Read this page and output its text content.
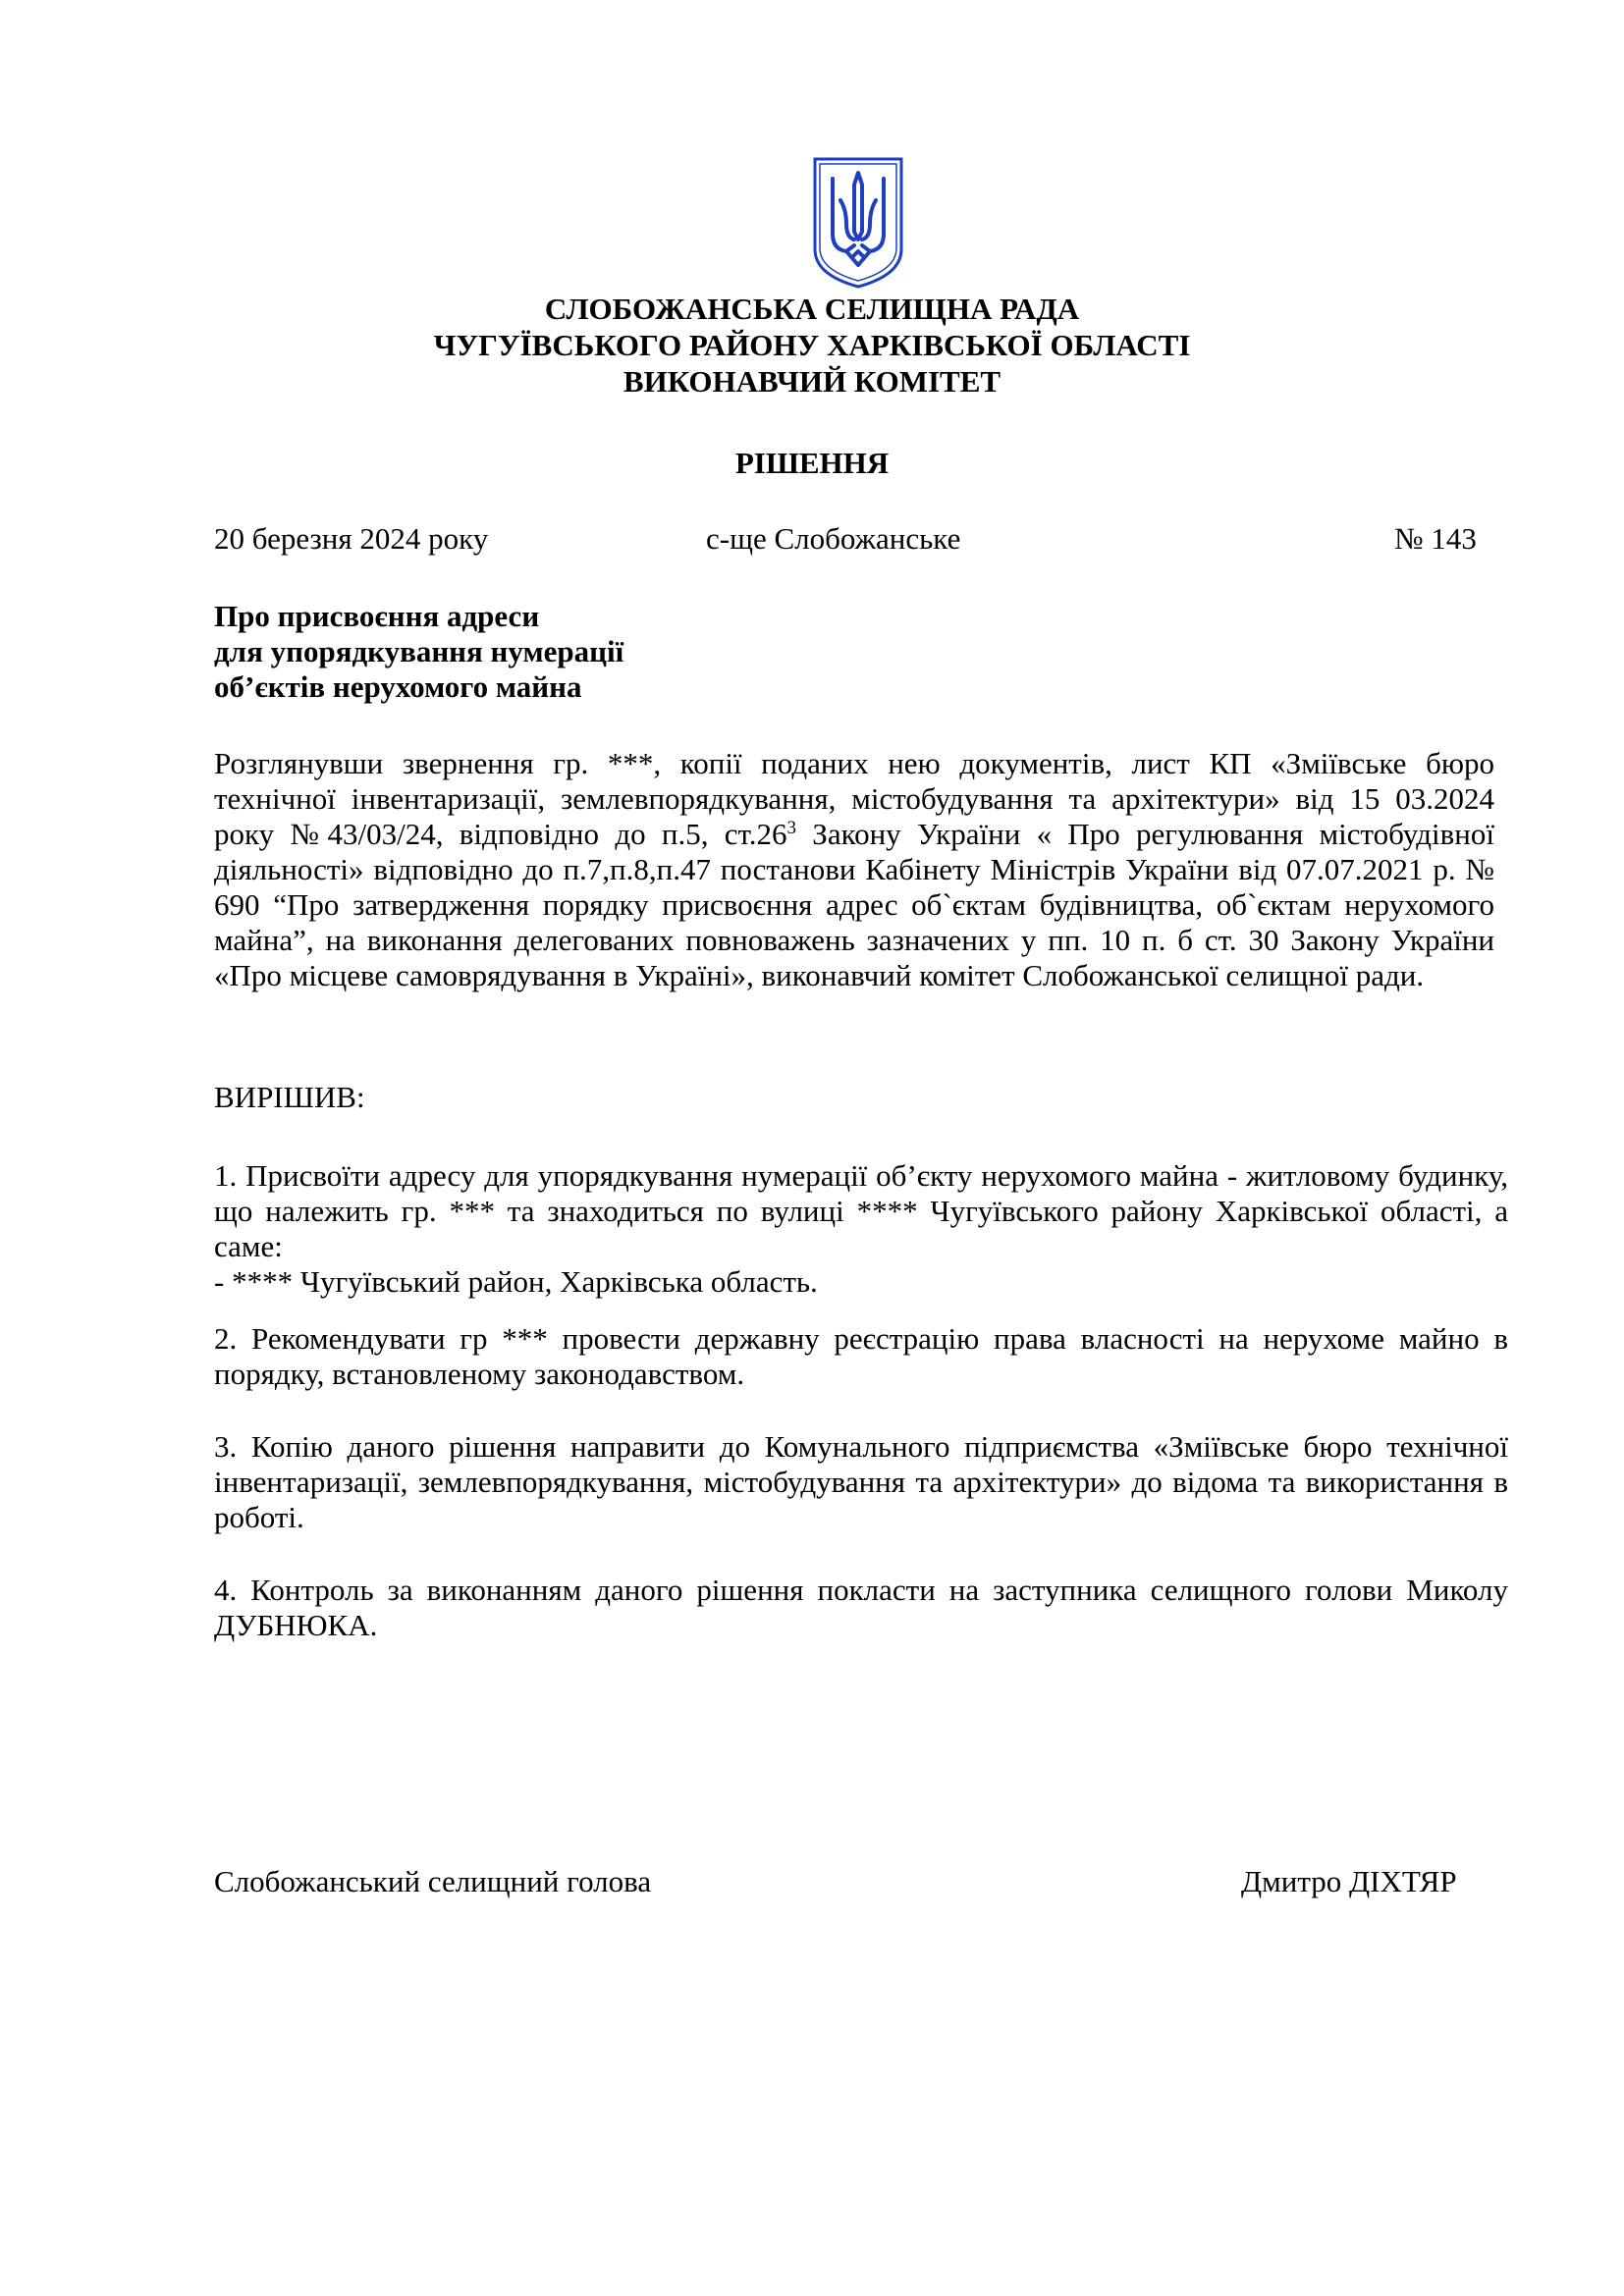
СЛОБОЖАНСЬКА СЕЛИЩНА РАДА
ЧУГУЇВСЬКОГО РАЙОНУ ХАРКІВСЬКОЇ ОБЛАСТІ
ВИКОНАВЧИЙ КОМІТЕТ
РІШЕННЯ
20 березня 2024 року	с-ще Слобожанське	№ 143
Про присвоєння адреси
для упорядкування нумерації
об’єктів нерухомого майна
Розглянувши звернення гр. ***, копії поданих нею документів, лист КП «Зміївське бюро технічної інвентаризації, землевпорядкування, містобудування та архітектури» від 15 03.2024 року №43/03/24, відповідно до п.5, $ст.26^3$ Закону України « Про регулювання містобудівної діяльності» відповідно до п.7,п.8,п.47 постанови Кабінету Міністрів України від 07.07.2021 р. № 690 “Про затвердження порядку присвоєння адрес об`єктам будівництва, об`єктам нерухомого майна”, на виконання делегованих повноважень зазначених у пп. 10 п. б ст. 30 Закону України «Про місцеве самоврядування в Україні», виконавчий комітет Слобожанської селищної ради.
ВИРІШИВ:
1. Присвоїти адресу для упорядкування нумерації об’єкту нерухомого майна - житловому будинку, що належить гр. *** та знаходиться по вулиці **** Чугуївського району Харківської області, а саме:
- **** Чугуївський район, Харківська область.
2. Рекомендувати гр *** провести державну реєстрацію права власності на нерухоме майно в порядку, встановленому законодавством.
3. Копію даного рішення направити до Комунального підприємства «Зміївське бюро технічної інвентаризації, землевпорядкування, містобудування та архітектури» до відома та використання в роботі.
4. Контроль за виконанням даного рішення покласти на заступника селищного голови Миколу ДУБНЮКА.
Слобожанський селищний голова	Дмитро ДІХТЯР
